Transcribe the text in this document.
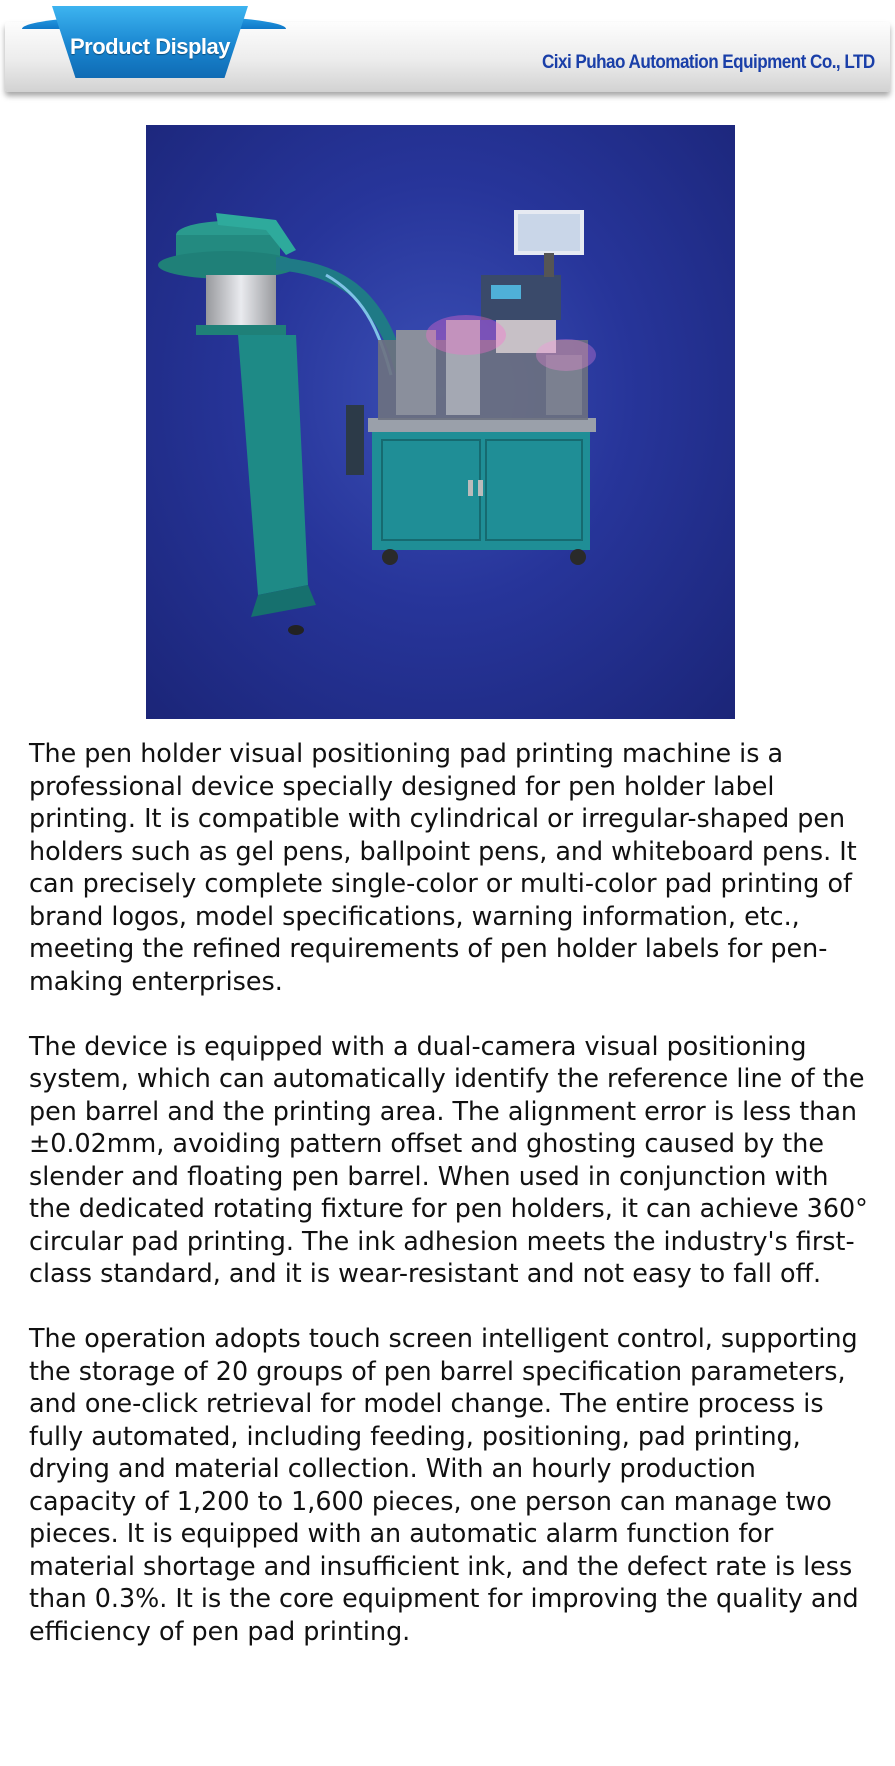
Product Display
Cixi Puhao Automation Equipment Co., LTD

The pen holder visual positioning pad printing machine is a professional device specially designed for pen holder label printing. It is compatible with cylindrical or irregular-shaped pen holders such as gel pens, ballpoint pens, and whiteboard pens. It can precisely complete single-color or multi-color pad printing of brand logos, model specifications, warning information, etc., meeting the refined requirements of pen holder labels for pen-making enterprises.

The device is equipped with a dual-camera visual positioning system, which can automatically identify the reference line of the pen barrel and the printing area. The alignment error is less than ±0.02mm, avoiding pattern offset and ghosting caused by the slender and floating pen barrel. When used in conjunction with the dedicated rotating fixture for pen holders, it can achieve 360° circular pad printing. The ink adhesion meets the industry's first-class standard, and it is wear-resistant and not easy to fall off.

The operation adopts touch screen intelligent control, supporting the storage of 20 groups of pen barrel specification parameters, and one-click retrieval for model change. The entire process is fully automated, including feeding, positioning, pad printing, drying and material collection. With an hourly production capacity of 1,200 to 1,600 pieces, one person can manage two pieces. It is equipped with an automatic alarm function for material shortage and insufficient ink, and the defect rate is less than 0.3%. It is the core equipment for improving the quality and efficiency of pen pad printing.
